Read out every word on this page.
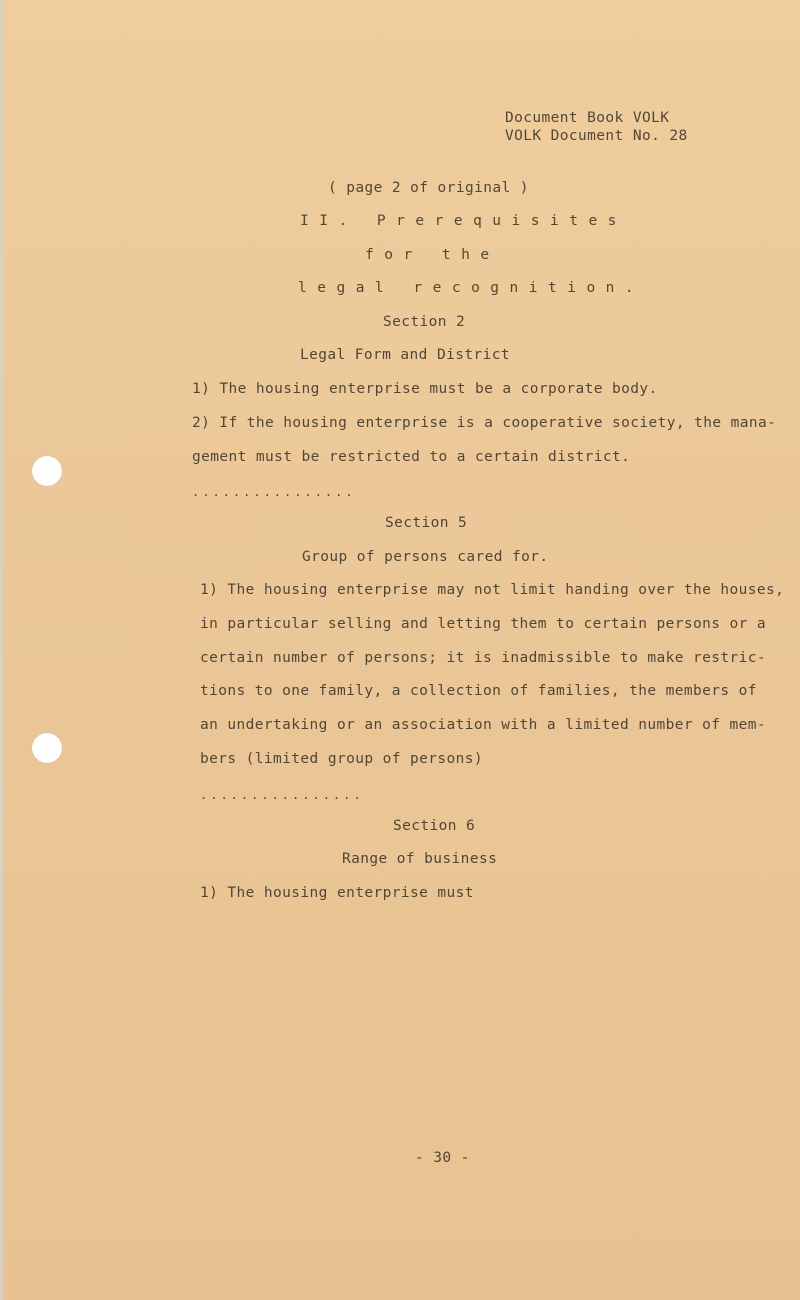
Document Book VOLK
VOLK Document No. 28
( page 2 of original )
II. Prerequisites
for the
legal recognition.
Section 2
Legal Form and District
1) The housing enterprise must be a corporate body.
2) If the housing enterprise is a cooperative society, the mana-
gement must be restricted to a certain district.
................
Section 5
Group of persons cared for.
1) The housing enterprise may not limit handing over the houses,
in particular selling and letting them to certain persons or a
certain number of persons; it is inadmissible to make restric-
tions to one family, a collection of families, the members of
an undertaking or an association with a limited number of mem-
bers (limited group of persons)
................
Section 6
Range of business
1) The housing enterprise must
- 30 -
